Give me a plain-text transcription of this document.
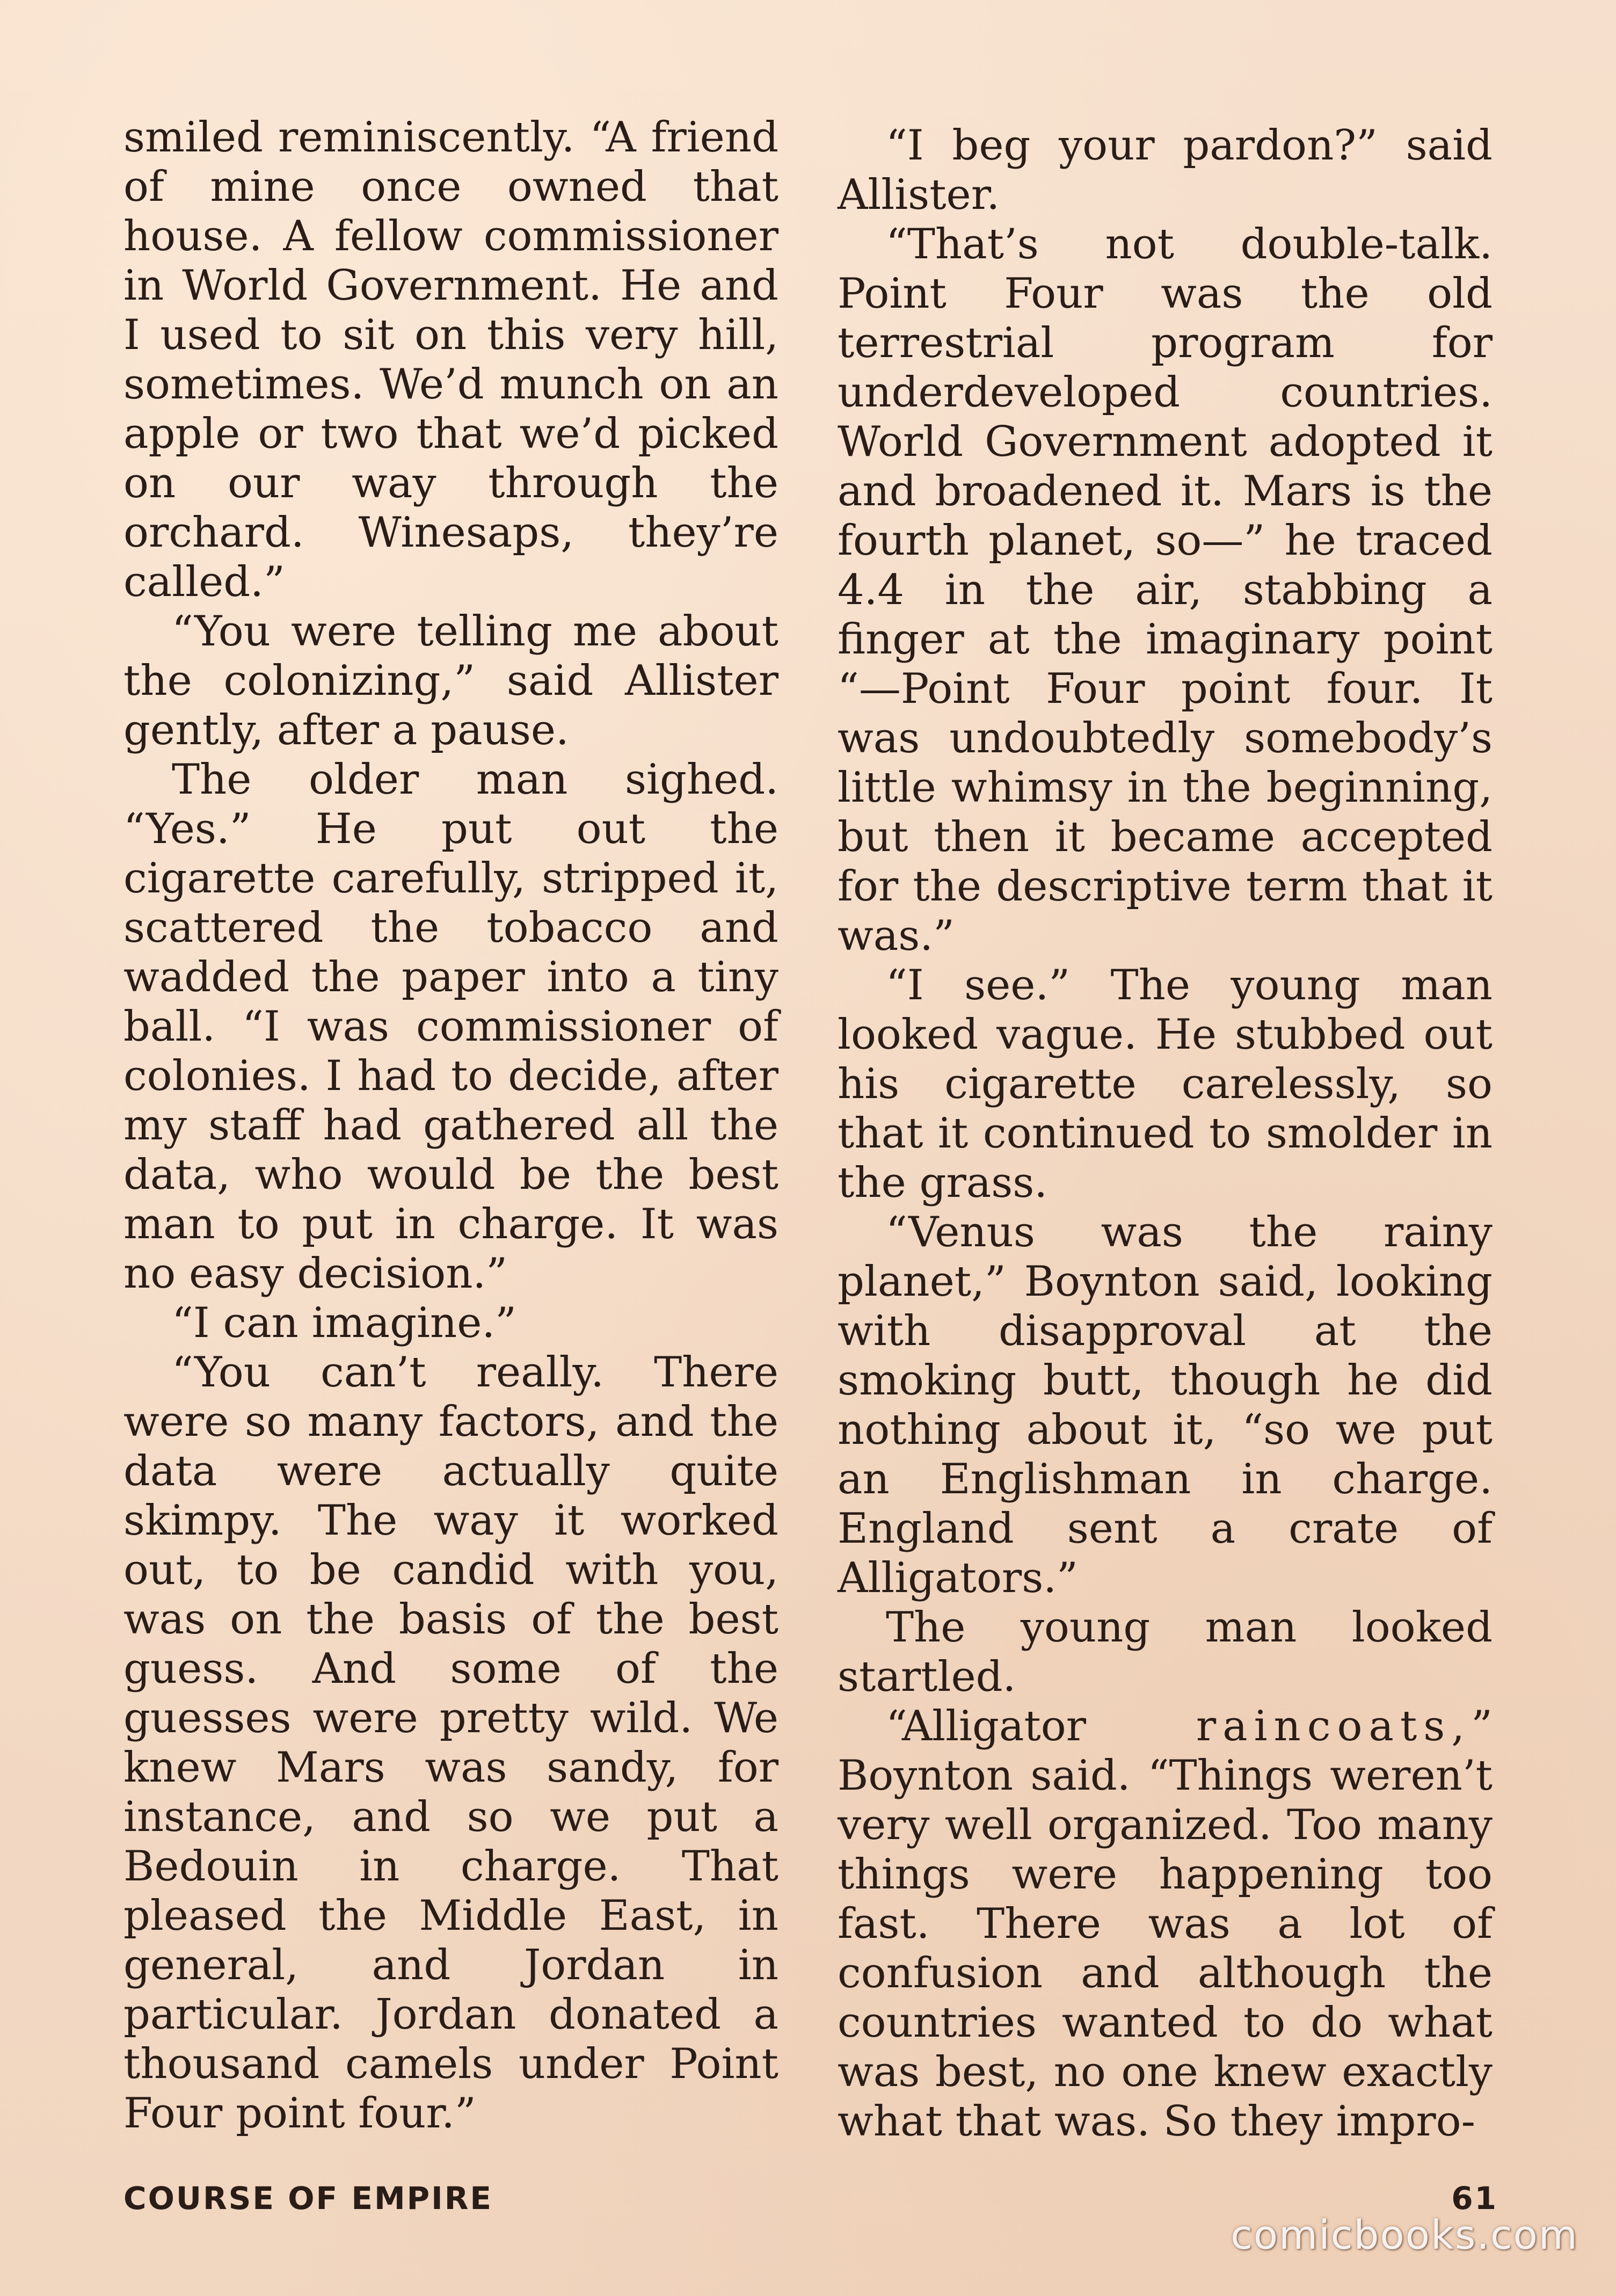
smiled reminiscently. “A friend of mine once owned that house. A fellow commissioner in World Government. He and I used to sit on this very hill, sometimes. We’d munch on an apple or two that we’d picked on our way through the orchard. Winesaps, they’re called.”

“You were telling me about the colonizing,” said Allister gently, after a pause.

The older man sighed. “Yes.” He put out the cigarette carefully, stripped it, scattered the tobacco and wadded the paper into a tiny ball. “I was commissioner of colonies. I had to decide, after my staff had gathered all the data, who would be the best man to put in charge. It was no easy decision.”

“I can imagine.”

“You can’t really. There were so many factors, and the data were actually quite skimpy. The way it worked out, to be candid with you, was on the basis of the best guess. And some of the guesses were pretty wild. We knew Mars was sandy, for instance, and so we put a Bedouin in charge. That pleased the Middle East, in general, and Jordan in particular. Jordan donated a thousand camels under Point Four point four.”

“I beg your pardon?” said Allister.

“That’s not double-talk. Point Four was the old terrestrial program for underdeveloped countries. World Government adopted it and broadened it. Mars is the fourth planet, so—” he traced 4.4 in the air, stabbing a finger at the imaginary point “—Point Four point four. It was undoubtedly somebody’s little whimsy in the beginning, but then it became accepted for the descriptive term that it was.”

“I see.” The young man looked vague. He stubbed out his cigarette carelessly, so that it continued to smolder in the grass.

“Venus was the rainy planet,” Boynton said, looking with disapproval at the smoking butt, though he did nothing about it, “so we put an Englishman in charge. England sent a crate of Alligators.”

The young man looked startled.

“Alligator raincoats,” Boynton said. “Things weren’t very well organized. Too many things were happening too fast. There was a lot of confusion and although the countries wanted to do what was best, no one knew exactly what that was. So they impro-

COURSE OF EMPIRE	61
comicbooks.com
